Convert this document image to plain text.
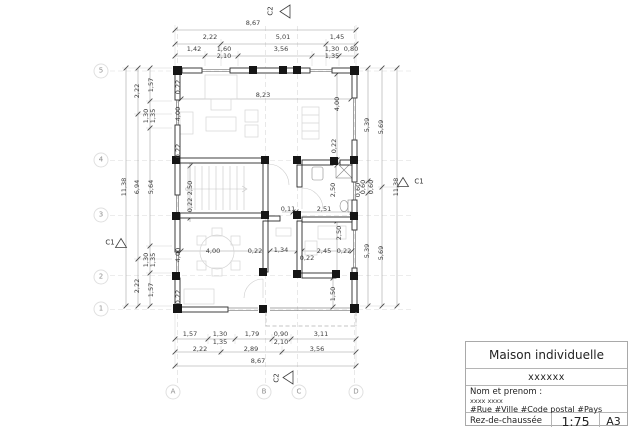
8,67
2,22	5,01	1,45
1,42 1,60	3,56	1,30 0,80
2,10	1,35
1,57 1,30	1,79 0,90	3,11
1,35	2,10
2,22	2,89	3,56
8,67
1,57
1,30 1,35
5,64
1,30 1,35
1,57
2,22
6,94
2,22
11,38
0,22
4,00
0,22
2,50
0,22
4,00
0,22
5,39
0,60 0,60
5,39
5,69
5,69
11,38
0,60
8,23
4,00
0,22
0,11	2,51
2,50
4,00	0,22 1,34
0,22
2,45 0,22
2,50
1,50
C2
C2
C1
C1
A	B	C	D
5
4
3
2
1
Maison individuelle
xxxxxx
Nom et prenom :
xxxx xxxx
#Rue #Ville #Code postal #Pays
Rez-de-chaussée	1:75	A3
